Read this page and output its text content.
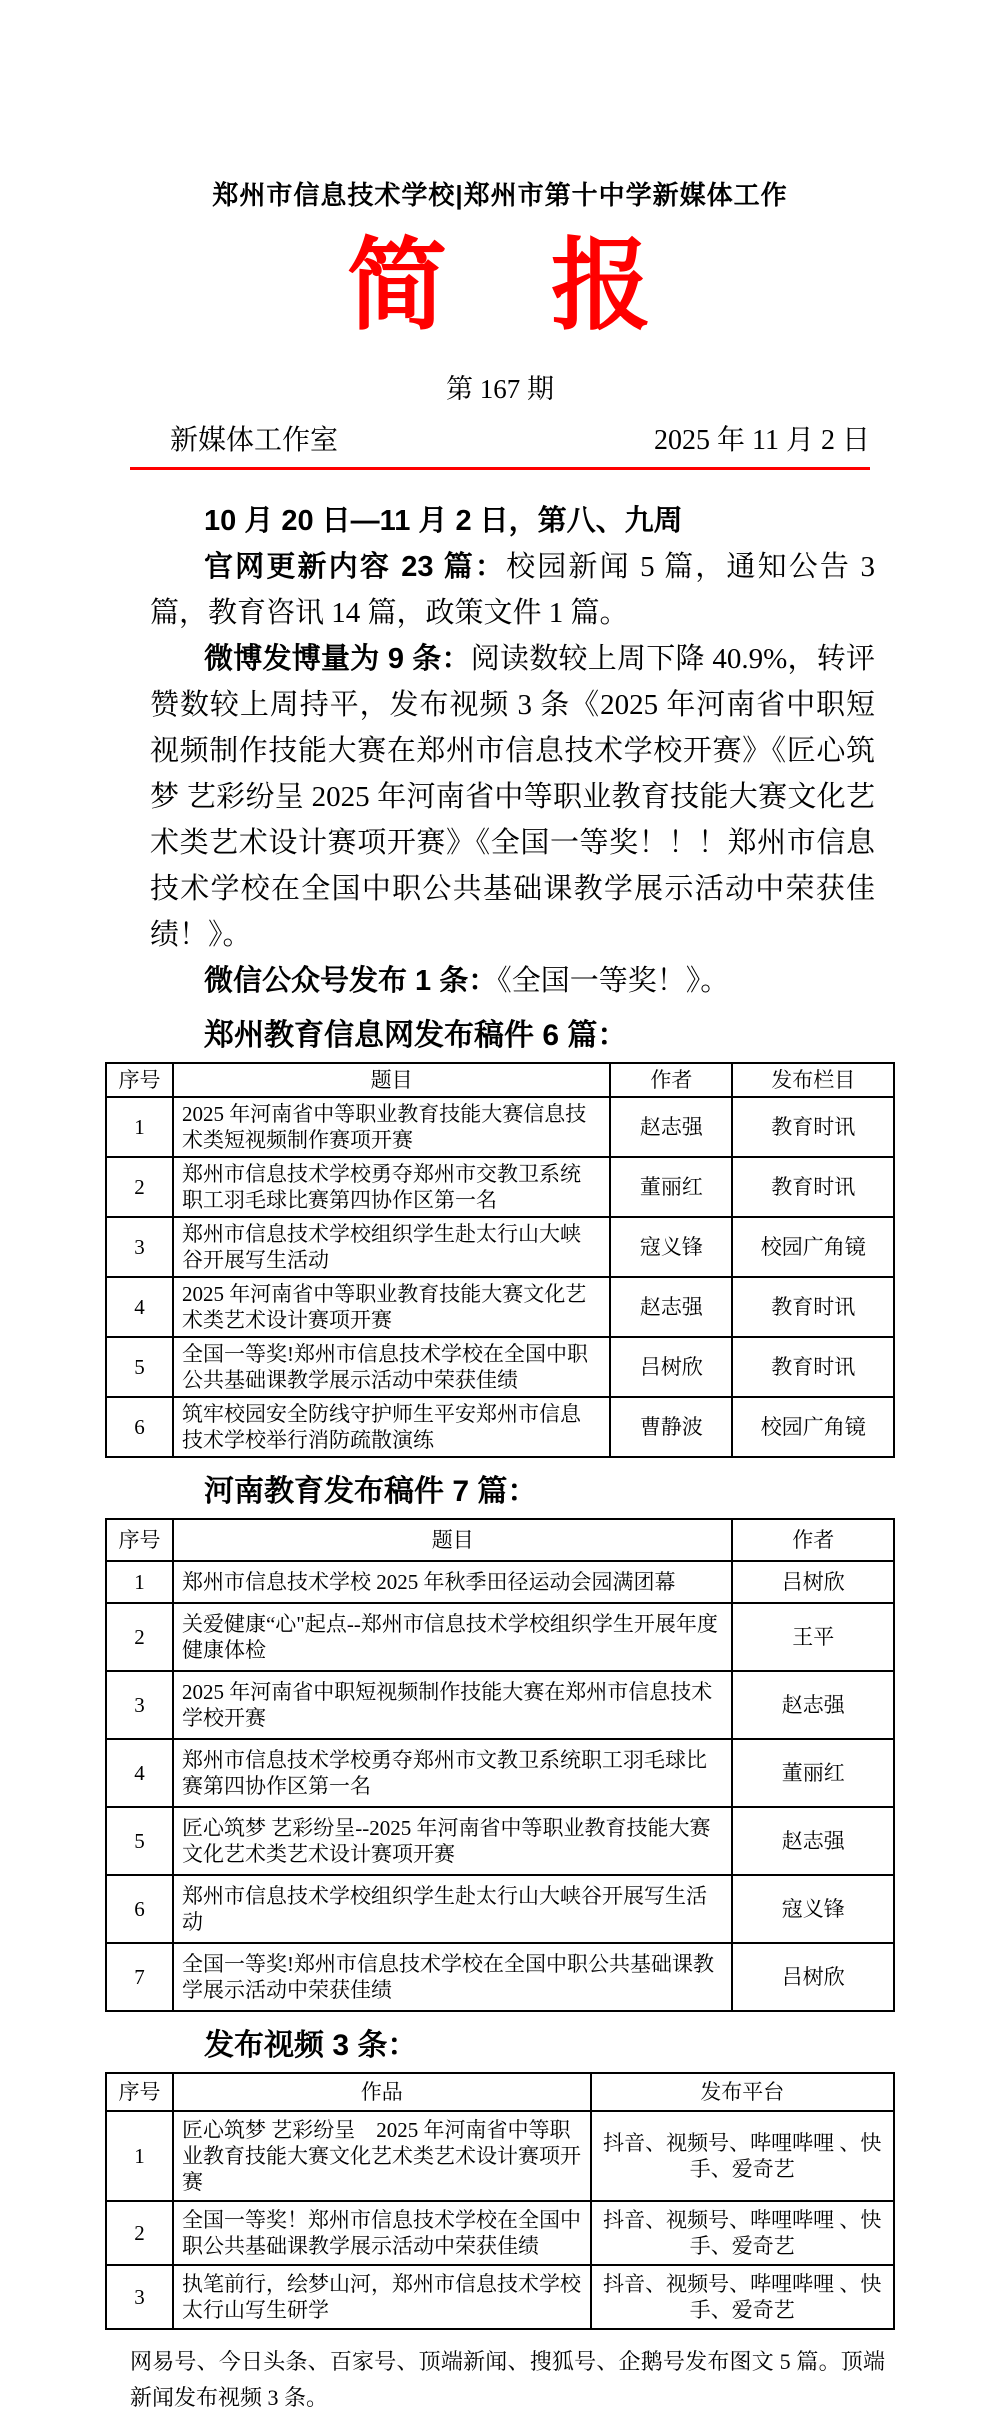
郑州市信息技术学校|郑州市第十中学新媒体工作
简　报
第 167 期
新媒体工作室	2025 年 11 月 2 日

10 月 20 日—11 月 2 日，第八、九周

官网更新内容 23 篇：校园新闻 5 篇，通知公告 3 篇，教育咨讯 14 篇，政策文件 1 篇。

微博发博量为 9 条：阅读数较上周下降 40.9%，转评赞数较上周持平，发布视频 3 条《2025 年河南省中职短视频制作技能大赛在郑州市信息技术学校开赛》《匠心筑梦 艺彩纷呈 2025 年河南省中等职业教育技能大赛文化艺术类艺术设计赛项开赛》《全国一等奖！！！郑州市信息技术学校在全国中职公共基础课教学展示活动中荣获佳绩！》。

微信公众号发布 1 条：《全国一等奖！》。

郑州教育信息网发布稿件 6 篇：
序号	题目	作者	发布栏目
1	2025 年河南省中等职业教育技能大赛信息技术类短视频制作赛项开赛	赵志强	教育时讯
2	郑州市信息技术学校勇夺郑州市交教卫系统职工羽毛球比赛第四协作区第一名	董丽红	教育时讯
3	郑州市信息技术学校组织学生赴太行山大峡谷开展写生活动	寇义锋	校园广角镜
4	2025 年河南省中等职业教育技能大赛文化艺术类艺术设计赛项开赛	赵志强	教育时讯
5	全国一等奖!郑州市信息技术学校在全国中职公共基础课教学展示活动中荣获佳绩	吕树欣	教育时讯
6	筑牢校园安全防线守护师生平安郑州市信息技术学校举行消防疏散演练	曹静波	校园广角镜
河南教育发布稿件 7 篇：
序号	题目	作者
1	郑州市信息技术学校 2025 年秋季田径运动会园满团幕	吕树欣
2	关爱健康“心"起点--郑州市信息技术学校组织学生开展年度健康体检	王平
3	2025 年河南省中职短视频制作技能大赛在郑州市信息技术学校开赛	赵志强
4	郑州市信息技术学校勇夺郑州市文教卫系统职工羽毛球比赛第四协作区第一名	董丽红
5	匠心筑梦 艺彩纷呈--2025 年河南省中等职业教育技能大赛文化艺术类艺术设计赛项开赛	赵志强
6	郑州市信息技术学校组织学生赴太行山大峡谷开展写生活动	寇义锋
7	全国一等奖!郑州市信息技术学校在全国中职公共基础课教学展示活动中荣获佳绩	吕树欣
发布视频 3 条：
序号	作品	发布平台
1	匠心筑梦 艺彩纷呈　2025 年河南省中等职业教育技能大赛文化艺术类艺术设计赛项开赛	抖音、视频号、哔哩哔哩 、快手、爱奇艺
2	全国一等奖！郑州市信息技术学校在全国中职公共基础课教学展示活动中荣获佳绩	抖音、视频号、哔哩哔哩 、快手、爱奇艺
3	执笔前行，绘梦山河，郑州市信息技术学校太行山写生研学	抖音、视频号、哔哩哔哩 、快手、爱奇艺

网易号、今日头条、百家号、顶端新闻、搜狐号、企鹅号发布图文 5 篇。顶端新闻发布视频 3 条。
